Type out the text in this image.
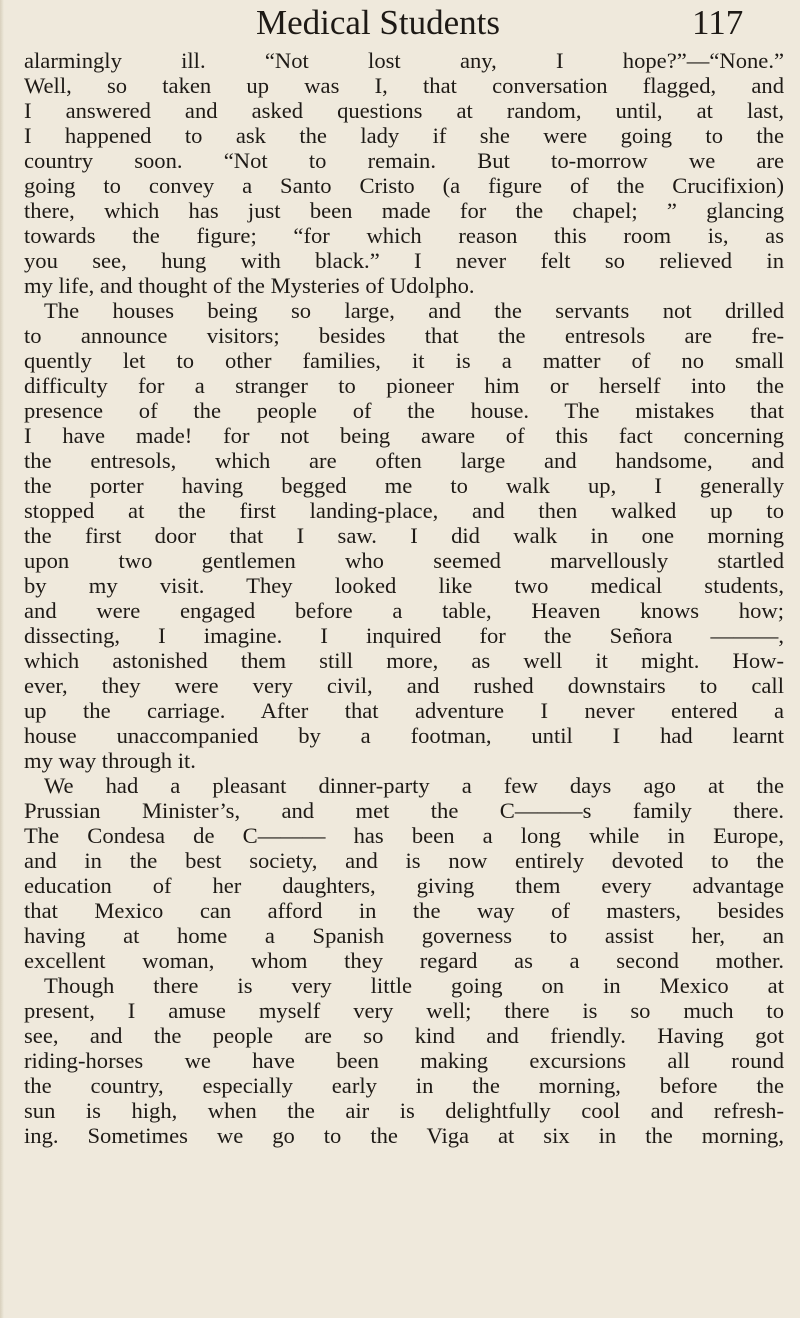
Medical Students	117
alarmingly ill. “Not lost any, I hope?”—“None.”
Well, so taken up was I, that conversation flagged, and
I answered and asked questions at random, until, at last,
I happened to ask the lady if she were going to the
country soon. “Not to remain. But to-morrow we are
going to convey a Santo Cristo (a figure of the Crucifixion)
there, which has just been made for the chapel; ” glancing
towards the figure; “for which reason this room is, as
you see, hung with black.” I never felt so relieved in
my life, and thought of the Mysteries of Udolpho.
The houses being so large, and the servants not drilled
to announce visitors; besides that the entresols are fre-
quently let to other families, it is a matter of no small
difficulty for a stranger to pioneer him or herself into the
presence of the people of the house. The mistakes that
I have made! for not being aware of this fact concerning
the entresols, which are often large and handsome, and
the porter having begged me to walk up, I generally
stopped at the first landing-place, and then walked up to
the first door that I saw. I did walk in one morning
upon two gentlemen who seemed marvellously startled
by my visit. They looked like two medical students,
and were engaged before a table, Heaven knows how;
dissecting, I imagine. I inquired for the Señora ———,
which astonished them still more, as well it might. How-
ever, they were very civil, and rushed downstairs to call
up the carriage. After that adventure I never entered a
house unaccompanied by a footman, until I had learnt
my way through it.
We had a pleasant dinner-party a few days ago at the
Prussian Minister’s, and met the C———s family there.
The Condesa de C——— has been a long while in Europe,
and in the best society, and is now entirely devoted to the
education of her daughters, giving them every advantage
that Mexico can afford in the way of masters, besides
having at home a Spanish governess to assist her, an
excellent woman, whom they regard as a second mother.
Though there is very little going on in Mexico at
present, I amuse myself very well; there is so much to
see, and the people are so kind and friendly. Having got
riding-horses we have been making excursions all round
the country, especially early in the morning, before the
sun is high, when the air is delightfully cool and refresh-
ing. Sometimes we go to the Viga at six in the morning,
